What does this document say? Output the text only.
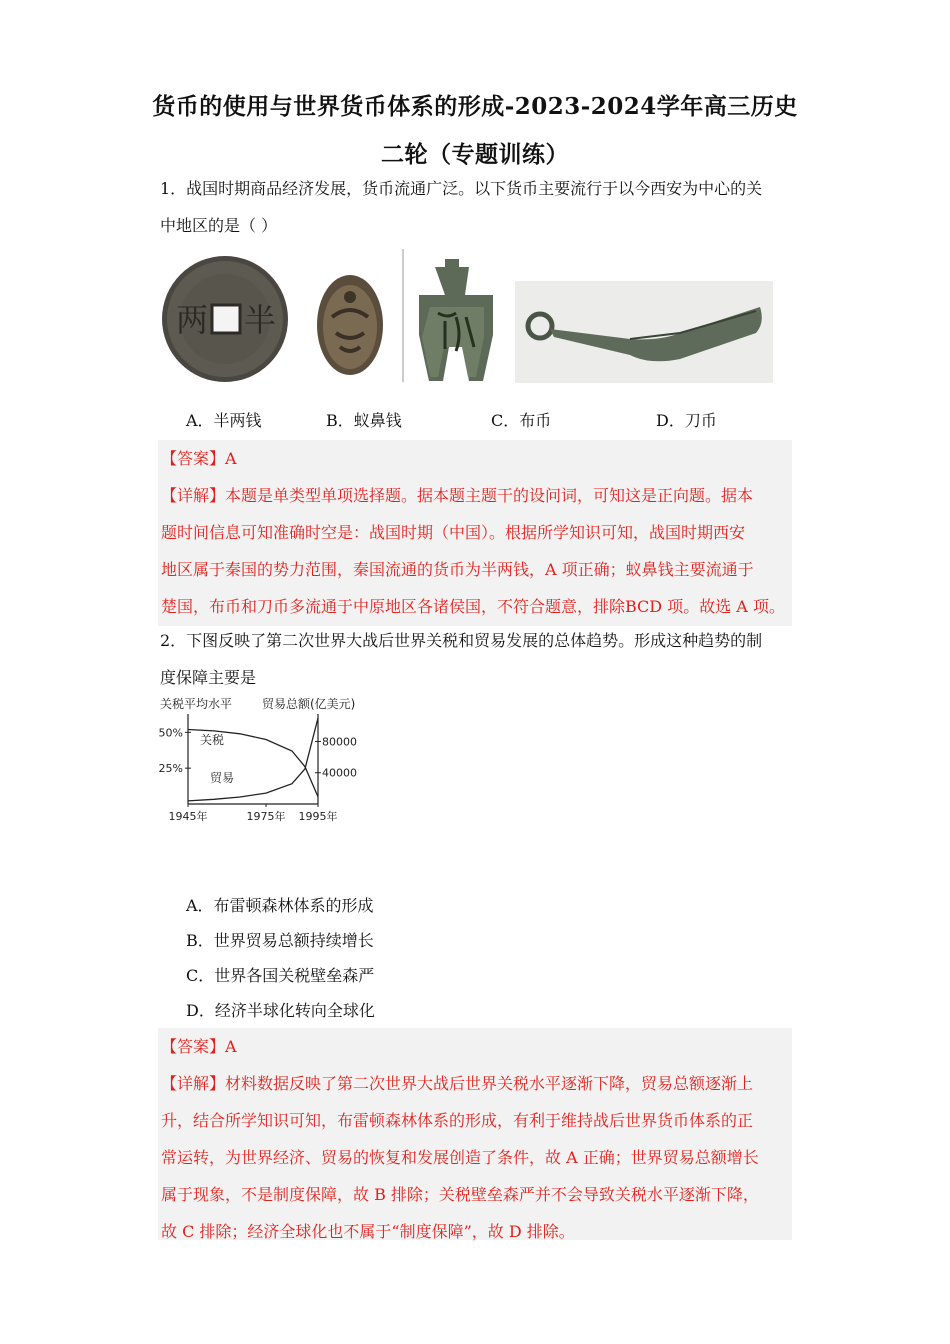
货币的使用与世界货币体系的形成-2023-2024学年高三历史
二轮（专题训练）
1．战国时期商品经济发展，货币流通广泛。以下货币主要流行于以今西安为中心的关
中地区的是（ ）
两 半
A．半两钱	B．蚁鼻钱	C．布币	D．刀币
【答案】A
【详解】本题是单类型单项选择题。据本题主题干的设问词，可知这是正向题。据本
题时间信息可知准确时空是：战国时期（中国）。根据所学知识可知，战国时期西安
地区属于秦国的势力范围，秦国流通的货币为半两钱，A 项正确；蚁鼻钱主要流通于
楚国，布币和刀币多流通于中原地区各诸侯国，不符合题意，排除BCD 项。故选 A 项。
2．下图反映了第二次世界大战后世界关税和贸易发展的总体趋势。形成这种趋势的制
度保障主要是
关税平均水平 贸易总额(亿美元)
50%
25%
80000
40000
1945年	1975年 1995年
关税
贸易
A．布雷顿森林体系的形成
B．世界贸易总额持续增长
C．世界各国关税壁垒森严
D．经济半球化转向全球化
【答案】A
【详解】材料数据反映了第二次世界大战后世界关税水平逐渐下降，贸易总额逐渐上
升，结合所学知识可知，布雷顿森林体系的形成，有利于维持战后世界货币体系的正
常运转，为世界经济、贸易的恢复和发展创造了条件，故 A 正确；世界贸易总额增长
属于现象，不是制度保障，故 B 排除；关税壁垒森严并不会导致关税水平逐渐下降，
故 C 排除；经济全球化也不属于“制度保障”，故 D 排除。
